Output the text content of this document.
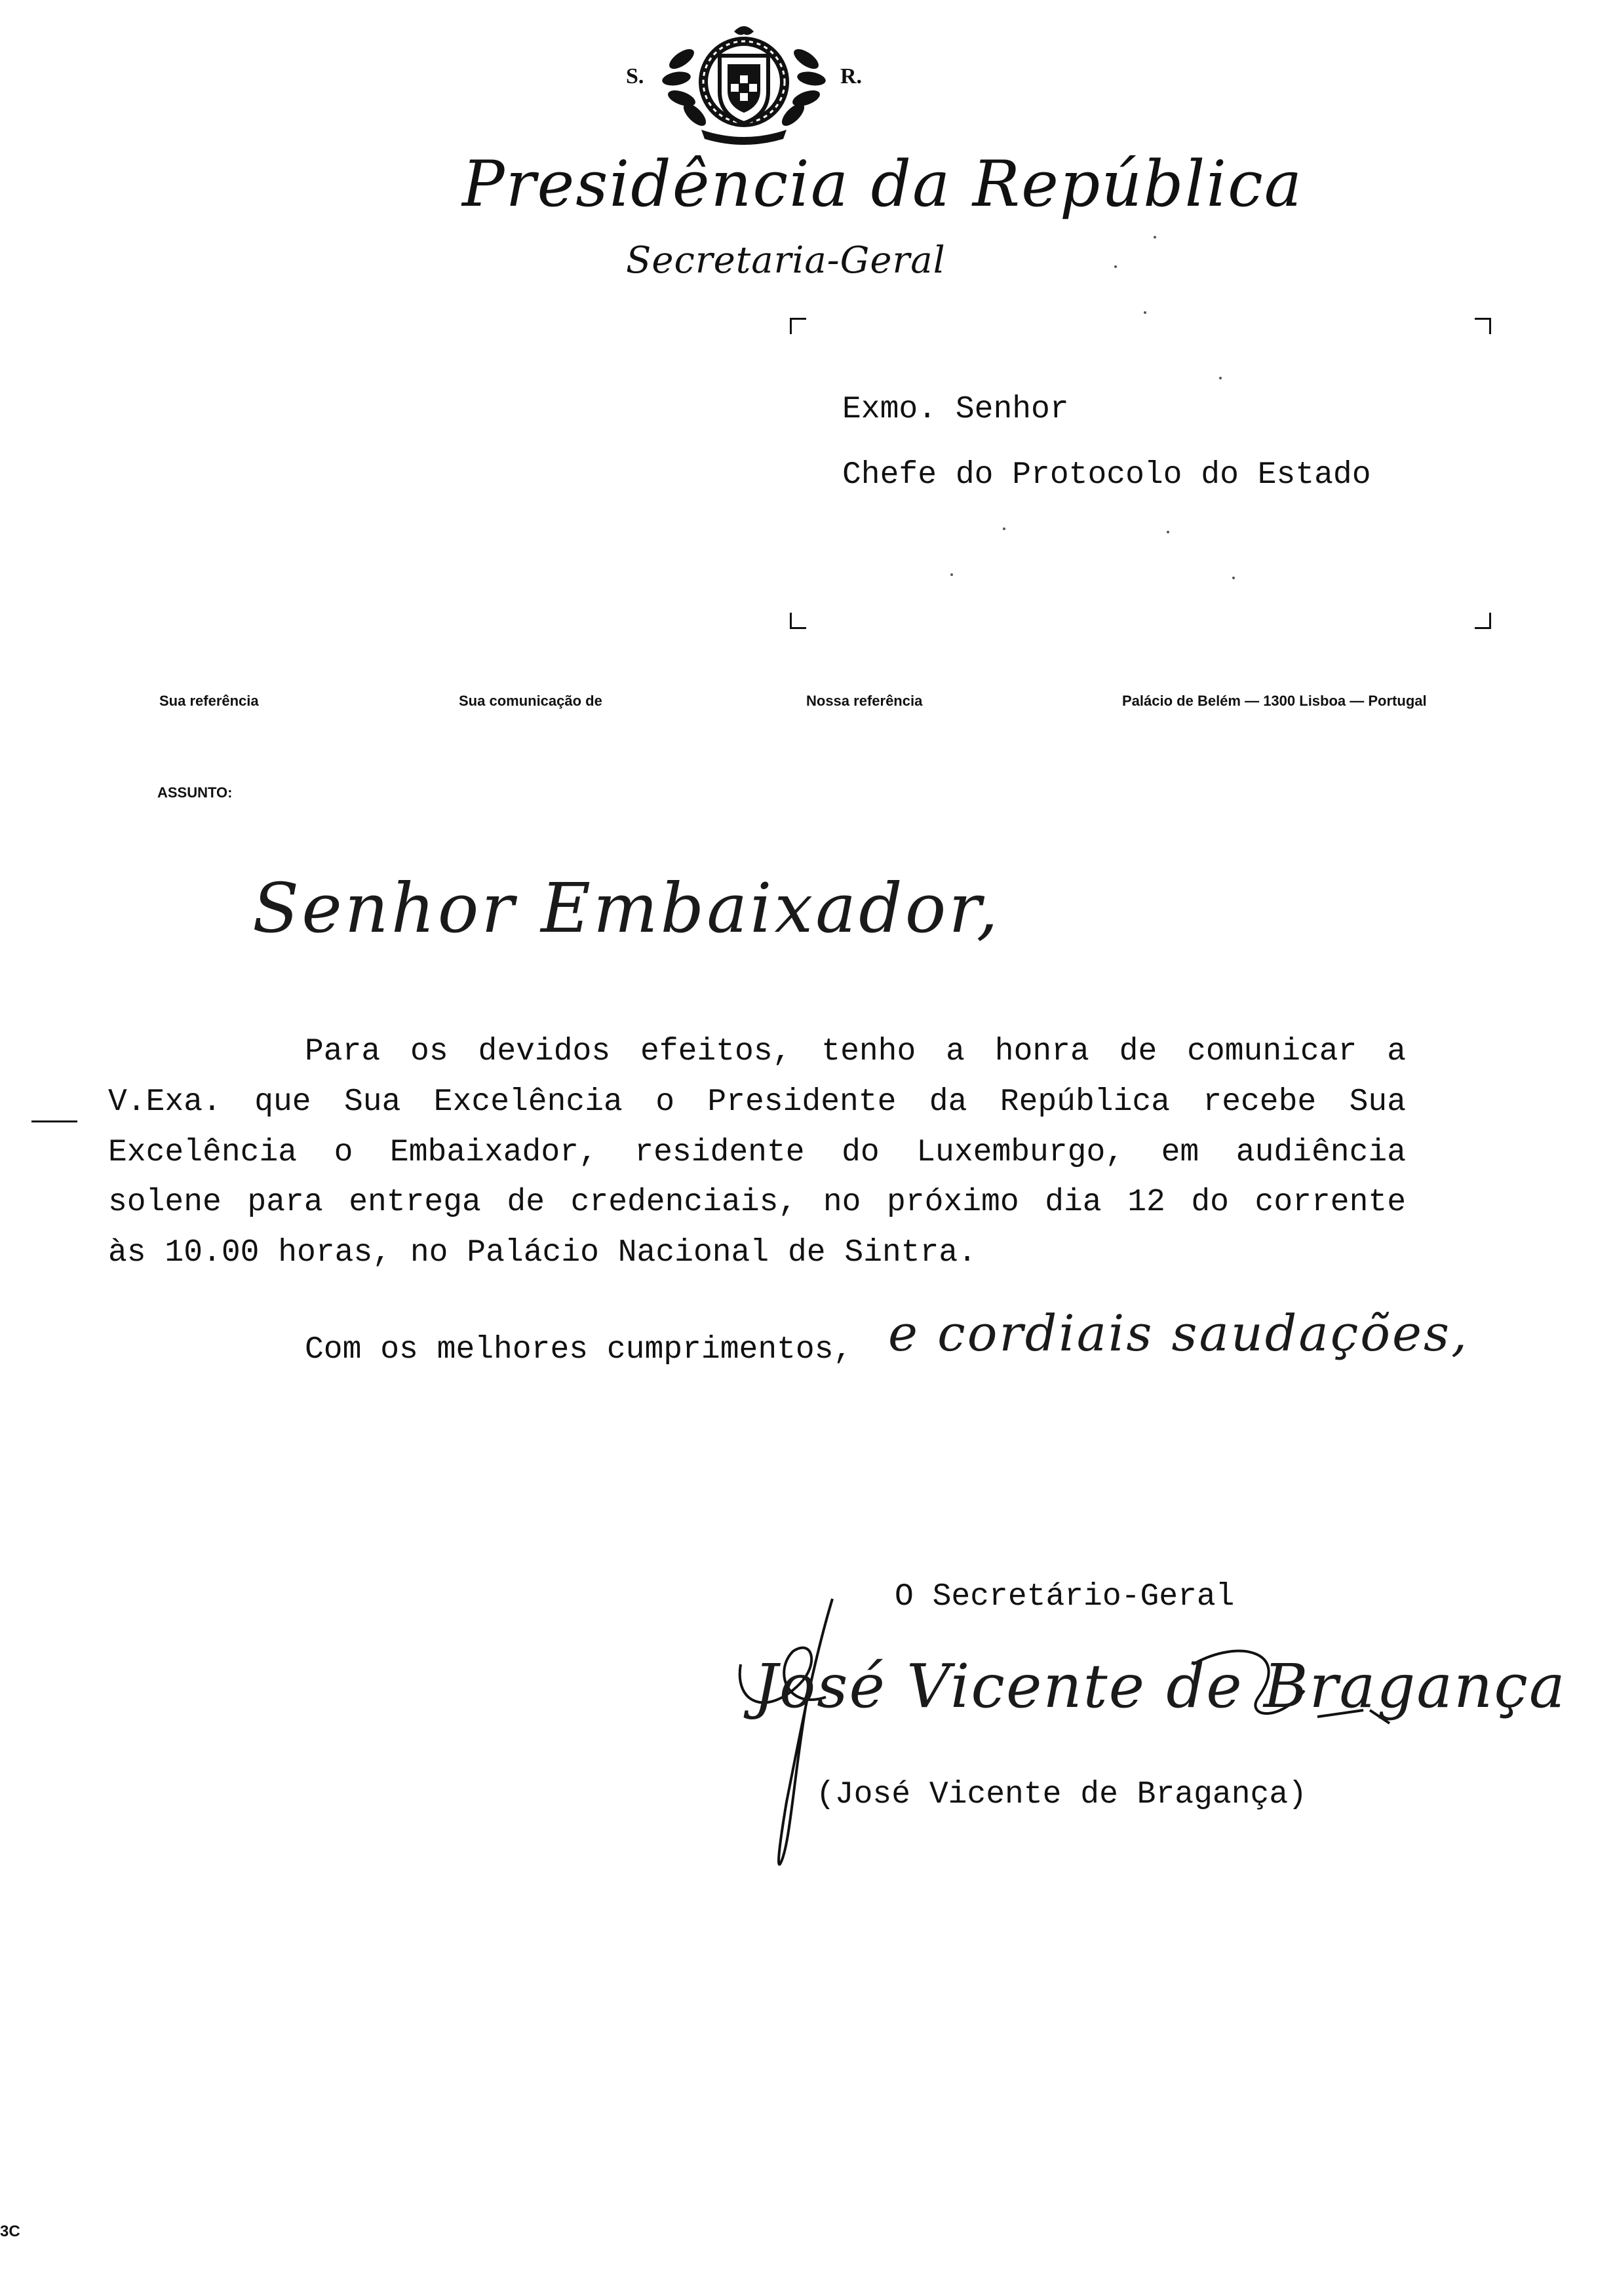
S.	R.
Presidência da República
Secretaria-Geral
Exmo. Senhor
Chefe do Protocolo do Estado
Sua referência	Sua comunicação de	Nossa referência	Palácio de Belém — 1300 Lisboa — Portugal
ASSUNTO:
Senhor Embaixador,
Para os devidos efeitos, tenho a honra de comunicar a
V.Exa. que Sua Excelência o Presidente da República recebe Sua
Excelência o Embaixador, residente do Luxemburgo, em audiência
solene para entrega de credenciais, no próximo dia 12 do corrente
às 10.00 horas, no Palácio Nacional de Sintra.
Com os melhores cumprimentos, e cordiais saudações,
O Secretário-Geral
José Vicente de Bragança
(José Vicente de Bragança)
3C
